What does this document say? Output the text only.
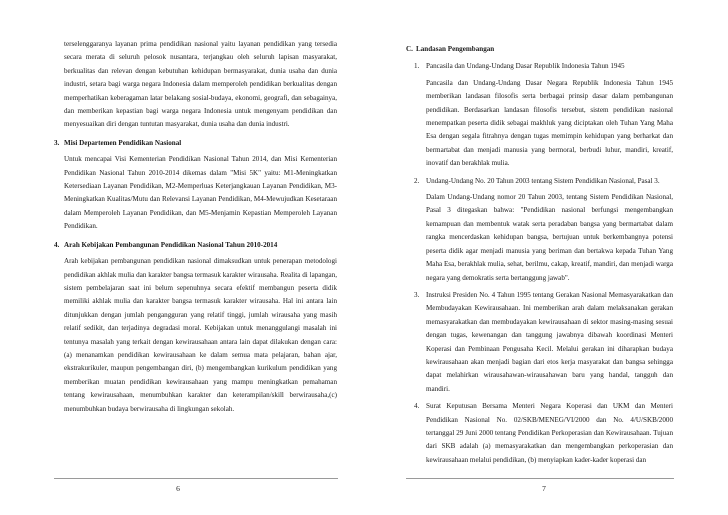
terselenggaranya layanan prima pendidikan nasional yaitu layanan pendidikan yang tersedia secara merata di seluruh pelosok nusantara, terjangkau oleh seluruh lapisan masyarakat, berkualitas dan relevan dengan kebutuhan kehidupan bermasyarakat, dunia usaha dan dunia industri, setara bagi warga negara Indonesia dalam memperoleh pendidikan berkualitas dengan memperhatikan keberagaman latar belakang sosial-budaya, ekonomi, geografi, dan sebagainya, dan memberikan kepastian bagi warga negara Indonesia untuk mengenyam pendidikan dan menyesuaikan diri dengan tuntutan masyarakat, dunia usaha dan dunia industri.

3. Misi Departemen Pendidikan Nasional

Untuk mencapai Visi Kementerian Pendidikan Nasional Tahun 2014, dan Misi Kementerian Pendidikan Nasional Tahun 2010-2014 dikemas dalam "Misi 5K" yaitu: M1-Meningkatkan Ketersediaan Layanan Pendidikan, M2-Memperluas Keterjangkauan Layanan Pendidikan, M3-Meningkatkan Kualitas/Mutu dan Relevansi Layanan Pendidikan, M4-Mewujudkan Kesetaraan dalam Memperoleh Layanan Pendidikan, dan M5-Menjamin Kepastian Memperoleh Layanan Pendidikan.

4. Arah Kebijakan Pembangunan Pendidikan Nasional Tahun 2010-2014

Arah kebijakan pembangunan pendidikan nasional dimaksudkan untuk penerapan metodologi pendidikan akhlak mulia dan karakter bangsa termasuk karakter wirausaha. Realita di lapangan, sistem pembelajaran saat ini belum sepenuhnya secara efektif membangun peserta didik memiliki akhlak mulia dan karakter bangsa termasuk karakter wirausaha. Hal ini antara lain ditunjukkan dengan jumlah pengangguran yang relatif tinggi, jumlah wirausaha yang masih relatif sedikit, dan terjadinya degradasi moral. Kebijakan untuk menanggulangi masalah ini tentunya masalah yang terkait dengan kewirausahaan antara lain dapat dilakukan dengan cara: (a) menanamkan pendidikan kewirausahaan ke dalam semua mata pelajaran, bahan ajar, ekstrakurikuler, maupun pengembangan diri, (b) mengembangkan kurikulum pendidikan yang memberikan muatan pendidikan kewirausahaan yang mampu meningkatkan pemahaman tentang kewirausahaan, menumbuhkan karakter dan keterampilan/skill berwirausaha,(c) menumbuhkan budaya berwirausaha di lingkungan sekolah.

6
C. Landasan Pengembangan
1. Pancasila dan Undang-Undang Dasar Republik Indonesia Tahun 1945

Pancasila dan Undang-Undang Dasar Negara Republik Indonesia Tahun 1945 memberikan landasan filosofis serta berbagai prinsip dasar dalam pembangunan pendidikan. Berdasarkan landasan filosofis tersebut, sistem pendidikan nasional menempatkan peserta didik sebagai makhluk yang diciptakan oleh Tuhan Yang Maha Esa dengan segala fitrahnya dengan tugas memimpin kehidupan yang berharkat dan bermartabat dan menjadi manusia yang bermoral, berbudi luhur, mandiri, kreatif, inovatif dan berakhlak mulia.

2. Undang-Undang No. 20 Tahun 2003 tentang Sistem Pendidikan Nasional, Pasal 3.

Dalam Undang-Undang nomor 20 Tahun 2003, tentang Sistem Pendidikan Nasional, Pasal 3 ditegaskan bahwa: "Pendidikan nasional berfungsi mengembangkan kemampuan dan membentuk watak serta peradaban bangsa yang bermartabat dalam rangka mencerdaskan kehidupan bangsa, bertujuan untuk berkembangnya potensi peserta didik agar menjadi manusia yang beriman dan bertakwa kepada Tuhan Yang Maha Esa, berakhlak mulia, sehat, berilmu, cakap, kreatif, mandiri, dan menjadi warga negara yang demokratis serta bertanggung jawab".

3. Instruksi Presiden No. 4 Tahun 1995 tentang Gerakan Nasional Memasyarakatkan dan Membudayakan Kewirausahaan. Ini memberikan arah dalam melaksanakan gerakan memasyarakatkan dan membudayakan kewirausahaan di sektor masing-masing sesuai dengan tugas, kewenangan dan tanggung jawabnya dibawah koordinasi Menteri Koperasi dan Pembinaan Pengusaha Kecil. Melalui gerakan ini diharapkan budaya kewirausahaan akan menjadi bagian dari etos kerja masyarakat dan bangsa sehingga dapat melahirkan wirausahawan-wirausahawan baru yang handal, tangguh dan mandiri.

4. Surat Keputusan Bersama Menteri Negara Koperasi dan UKM dan Menteri Pendidikan Nasional No. 02/SKB/MENEG/VI/2000 dan No. 4/U/SKB/2000 tertanggal 29 Juni 2000 tentang Pendidikan Perkoperasian dan Kewirausahaan. Tujuan dari SKB adalah (a) memasyarakatkan dan mengembangkan perkoperasian dan kewirausahaan melalui pendidikan, (b) menyiapkan kader-kader koperasi dan

7
